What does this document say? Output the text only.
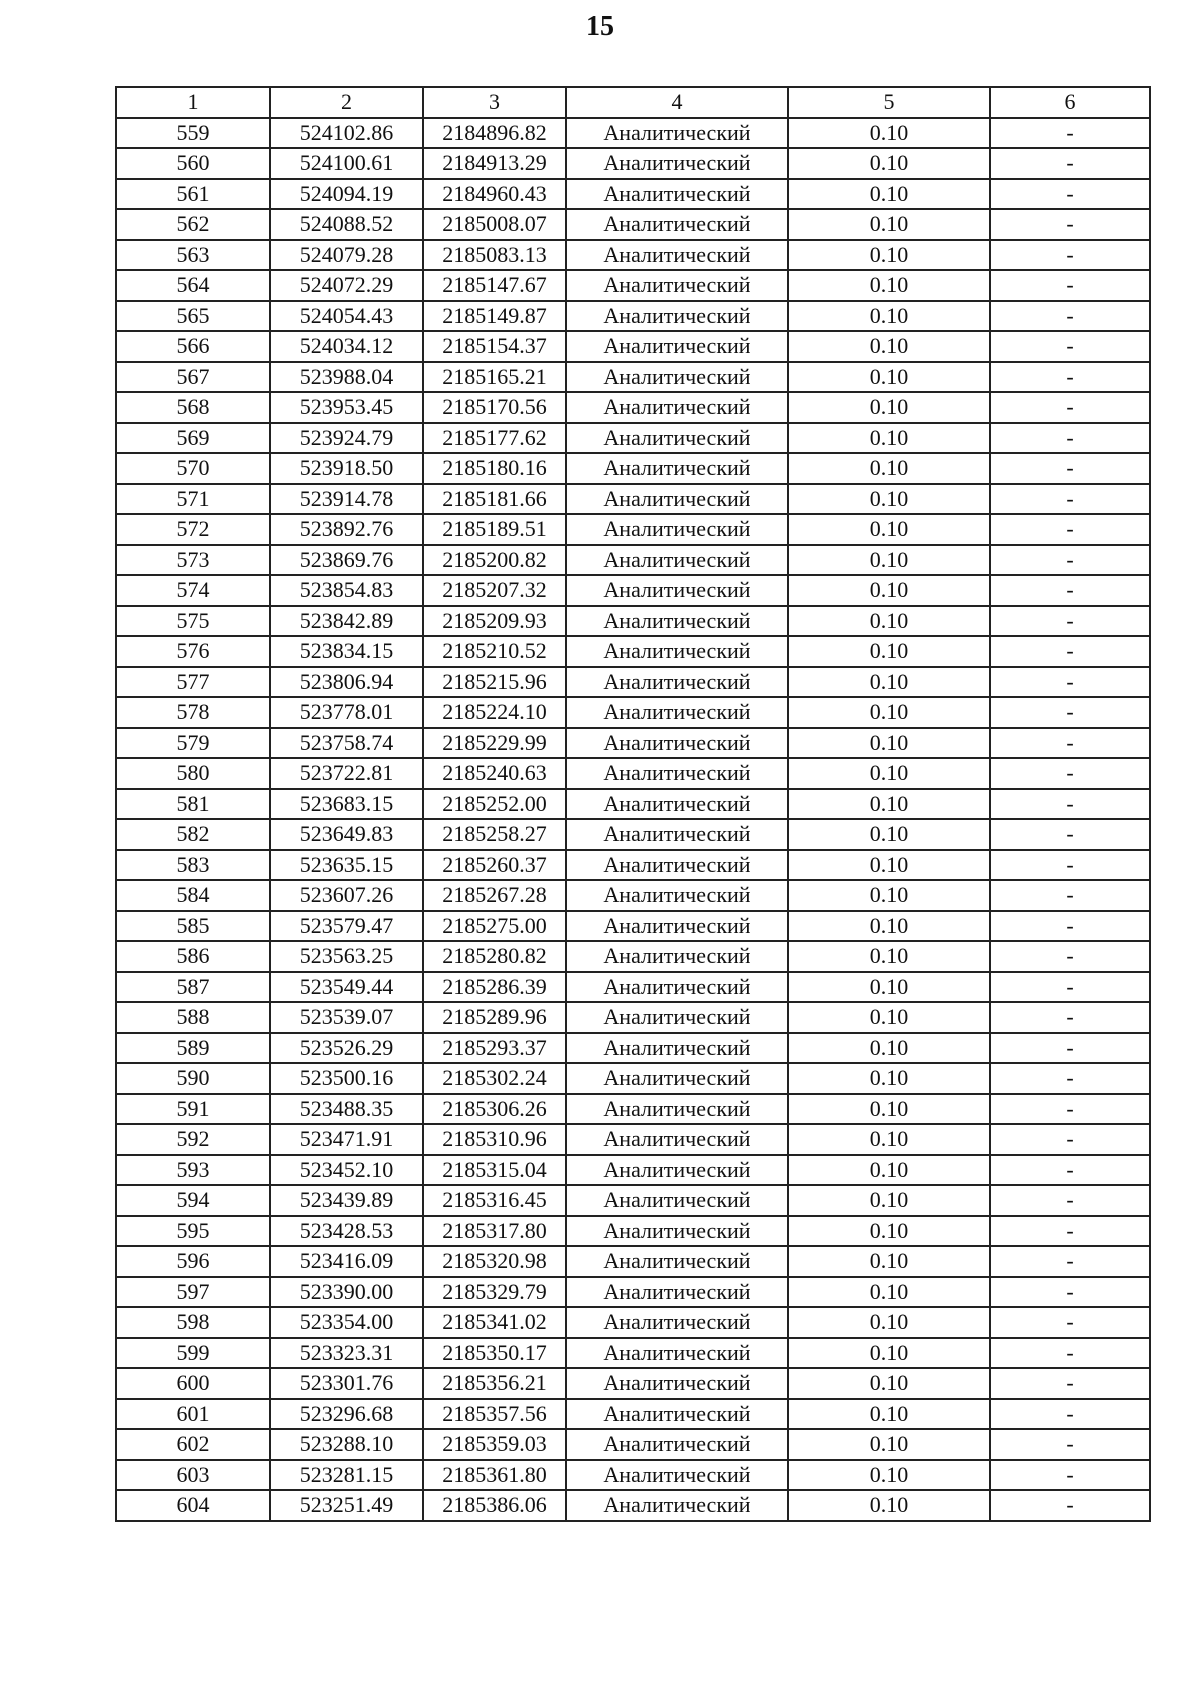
15
1	2	3	4	5	6
559	524102.86	2184896.82	Аналитический	0.10	-
560	524100.61	2184913.29	Аналитический	0.10	-
561	524094.19	2184960.43	Аналитический	0.10	-
562	524088.52	2185008.07	Аналитический	0.10	-
563	524079.28	2185083.13	Аналитический	0.10	-
564	524072.29	2185147.67	Аналитический	0.10	-
565	524054.43	2185149.87	Аналитический	0.10	-
566	524034.12	2185154.37	Аналитический	0.10	-
567	523988.04	2185165.21	Аналитический	0.10	-
568	523953.45	2185170.56	Аналитический	0.10	-
569	523924.79	2185177.62	Аналитический	0.10	-
570	523918.50	2185180.16	Аналитический	0.10	-
571	523914.78	2185181.66	Аналитический	0.10	-
572	523892.76	2185189.51	Аналитический	0.10	-
573	523869.76	2185200.82	Аналитический	0.10	-
574	523854.83	2185207.32	Аналитический	0.10	-
575	523842.89	2185209.93	Аналитический	0.10	-
576	523834.15	2185210.52	Аналитический	0.10	-
577	523806.94	2185215.96	Аналитический	0.10	-
578	523778.01	2185224.10	Аналитический	0.10	-
579	523758.74	2185229.99	Аналитический	0.10	-
580	523722.81	2185240.63	Аналитический	0.10	-
581	523683.15	2185252.00	Аналитический	0.10	-
582	523649.83	2185258.27	Аналитический	0.10	-
583	523635.15	2185260.37	Аналитический	0.10	-
584	523607.26	2185267.28	Аналитический	0.10	-
585	523579.47	2185275.00	Аналитический	0.10	-
586	523563.25	2185280.82	Аналитический	0.10	-
587	523549.44	2185286.39	Аналитический	0.10	-
588	523539.07	2185289.96	Аналитический	0.10	-
589	523526.29	2185293.37	Аналитический	0.10	-
590	523500.16	2185302.24	Аналитический	0.10	-
591	523488.35	2185306.26	Аналитический	0.10	-
592	523471.91	2185310.96	Аналитический	0.10	-
593	523452.10	2185315.04	Аналитический	0.10	-
594	523439.89	2185316.45	Аналитический	0.10	-
595	523428.53	2185317.80	Аналитический	0.10	-
596	523416.09	2185320.98	Аналитический	0.10	-
597	523390.00	2185329.79	Аналитический	0.10	-
598	523354.00	2185341.02	Аналитический	0.10	-
599	523323.31	2185350.17	Аналитический	0.10	-
600	523301.76	2185356.21	Аналитический	0.10	-
601	523296.68	2185357.56	Аналитический	0.10	-
602	523288.10	2185359.03	Аналитический	0.10	-
603	523281.15	2185361.80	Аналитический	0.10	-
604	523251.49	2185386.06	Аналитический	0.10	-
